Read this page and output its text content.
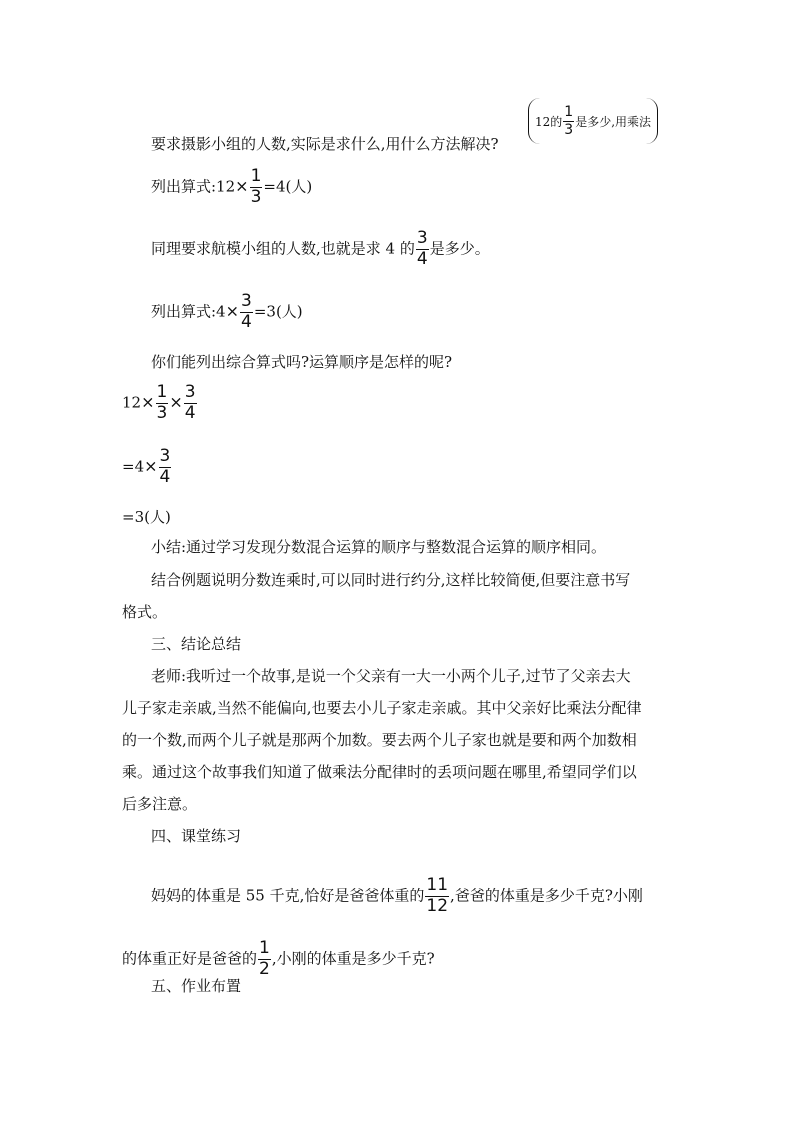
要求摄影小组的人数,实际是求什么,用什么方法解决?
12的 $\frac{1}{3}$ 是多少,用乘法
列出算式:12× $\frac{1}{3} =4$(人)
同理要求航模小组的人数,也就是求 4 的 $\frac{3}{4}$ 是多少。
列出算式:4× $\frac{3}{4} =3$(人)
你们能列出综合算式吗?运算顺序是怎样的呢?
$12\times \frac{1}{3} \times \frac{3}{4}$
$=4\times \frac{3}{4}$
=3(人)
小结:通过学习发现分数混合运算的顺序与整数混合运算的顺序相同。
结合例题说明分数连乘时,可以同时进行约分,这样比较简便,但要注意书写
格式。
三、结论总结
老师:我听过一个故事,是说一个父亲有一大一小两个儿子,过节了父亲去大
儿子家走亲戚,当然不能偏向,也要去小儿子家走亲戚。其中父亲好比乘法分配律
的一个数,而两个儿子就是那两个加数。要去两个儿子家也就是要和两个加数相
乘。通过这个故事我们知道了做乘法分配律时的丢项问题在哪里,希望同学们以
后多注意。
四、课堂练习
妈妈的体重是 55 千克,恰好是爸爸体重的 $\frac{11}{12}$ ,爸爸的体重是多少千克?小刚
的体重正好是爸爸的 $\frac{1}{2}$ ,小刚的体重是多少千克?
五、作业布置
